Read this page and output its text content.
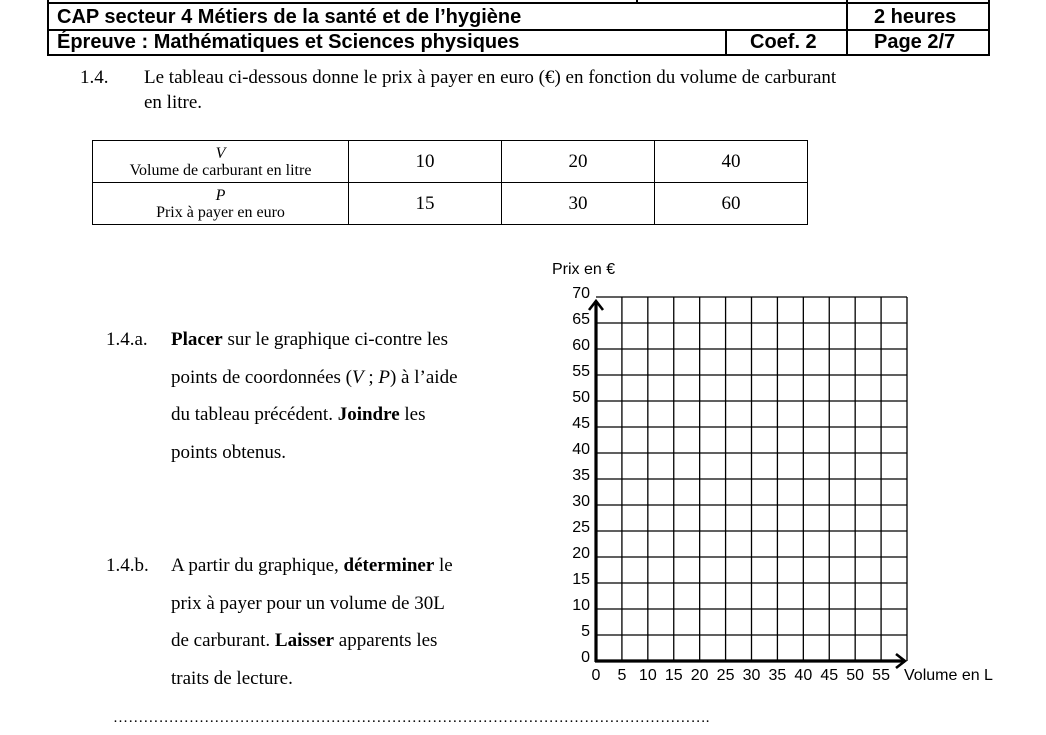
CAP secteur 4 Métiers de la santé et de l’hygiène	2 heures
Épreuve : Mathématiques et Sciences physiques	Coef. 2	Page 2/7
1.4. Le tableau ci-dessous donne le prix à payer en euro (€) en fonction du volume de carburant
en litre.
V
Volume de carburant en litre	10	20	40

P
Prix à payer en euro	15	30	60
1.4.a. Placer sur le graphique ci-contre les

points de coordonnées (V ; P) à l’aide

du tableau précédent. Joindre les

points obtenus.

1.4.b. A partir du graphique, déterminer le

prix à payer pour un volume de 30L

de carburant. Laisser apparents les

traits de lecture.

……………………………………………………………………………………………………….
0
5
10
15
20
25
30
35
40
45
50
55
60
65
70
0 5 10 15 20 25 30 35 40 45 50 55
Prix en €
Volume en L
